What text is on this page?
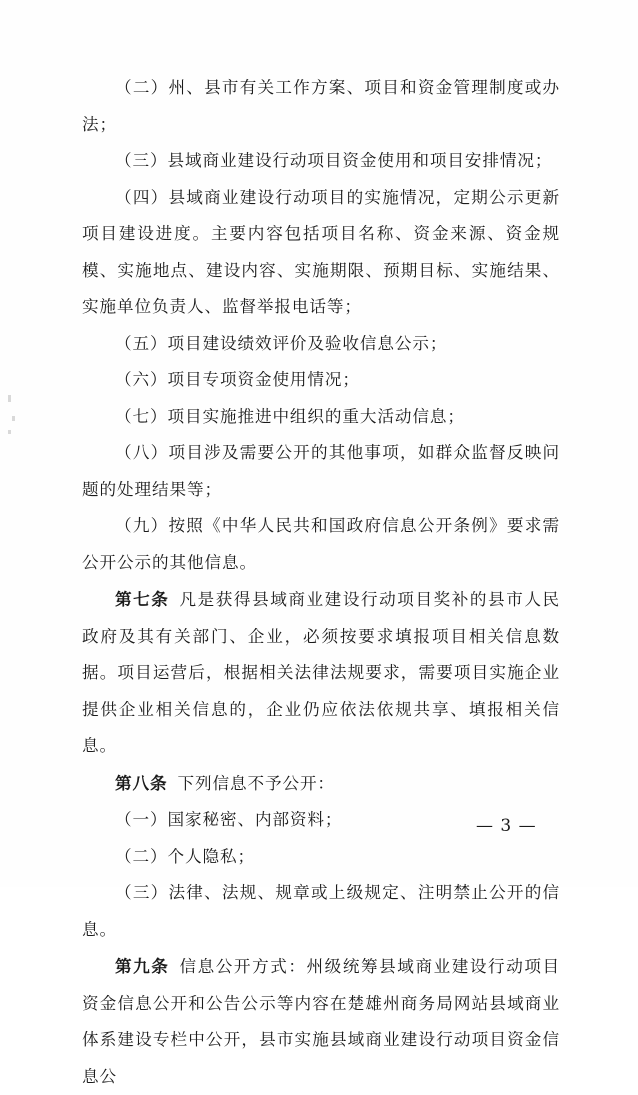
（二）州、县市有关工作方案、项目和资金管理制度或办法；

（三）县域商业建设行动项目资金使用和项目安排情况；

（四）县域商业建设行动项目的实施情况，定期公示更新项目建设进度。主要内容包括项目名称、资金来源、资金规模、实施地点、建设内容、实施期限、预期目标、实施结果、实施单位负责人、监督举报电话等；

（五）项目建设绩效评价及验收信息公示；

（六）项目专项资金使用情况；

（七）项目实施推进中组织的重大活动信息；

（八）项目涉及需要公开的其他事项，如群众监督反映问题的处理结果等；

（九）按照《中华人民共和国政府信息公开条例》要求需公开公示的其他信息。

第七条 凡是获得县域商业建设行动项目奖补的县市人民政府及其有关部门、企业，必须按要求填报项目相关信息数据。项目运营后，根据相关法律法规要求，需要项目实施企业提供企业相关信息的，企业仍应依法依规共享、填报相关信息。

第八条 下列信息不予公开：

（一）国家秘密、内部资料；

（二）个人隐私；

（三）法律、法规、规章或上级规定、注明禁止公开的信息。

第九条 信息公开方式：州级统筹县域商业建设行动项目资金信息公开和公告公示等内容在楚雄州商务局网站县域商业体系建设专栏中公开，县市实施县域商业建设行动项目资金信息公

— 3 —
